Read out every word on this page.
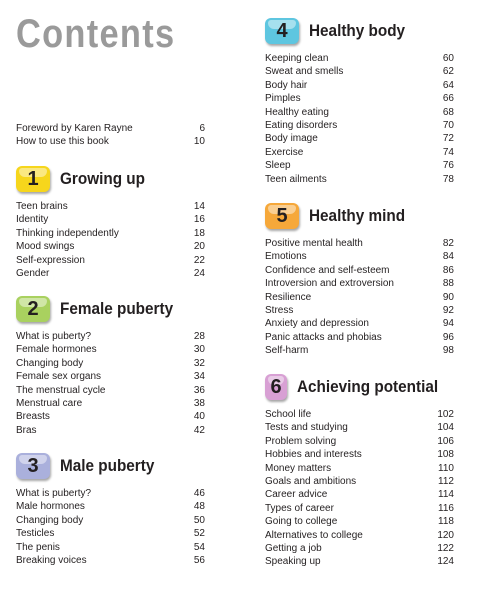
Contents
Foreword by Karen Rayne	6
How to use this book	10
1 Growing up
Teen brains	14
Identity	16
Thinking independently	18
Mood swings	20
Self-expression	22
Gender	24
2 Female puberty
What is puberty?	28
Female hormones	30
Changing body	32
Female sex organs	34
The menstrual cycle	36
Menstrual care	38
Breasts	40
Bras	42
3 Male puberty
What is puberty?	46
Male hormones	48
Changing body	50
Testicles	52
The penis	54
Breaking voices	56
4 Healthy body
Keeping clean	60
Sweat and smells	62
Body hair	64
Pimples	66
Healthy eating	68
Eating disorders	70
Body image	72
Exercise	74
Sleep	76
Teen ailments	78
5 Healthy mind
Positive mental health	82
Emotions	84
Confidence and self-esteem	86
Introversion and extroversion	88
Resilience	90
Stress	92
Anxiety and depression	94
Panic attacks and phobias	96
Self-harm	98
6 Achieving potential
School life	102
Tests and studying	104
Problem solving	106
Hobbies and interests	108
Money matters	110
Goals and ambitions	112
Career advice	114
Types of career	116
Going to college	118
Alternatives to college	120
Getting a job	122
Speaking up	124
